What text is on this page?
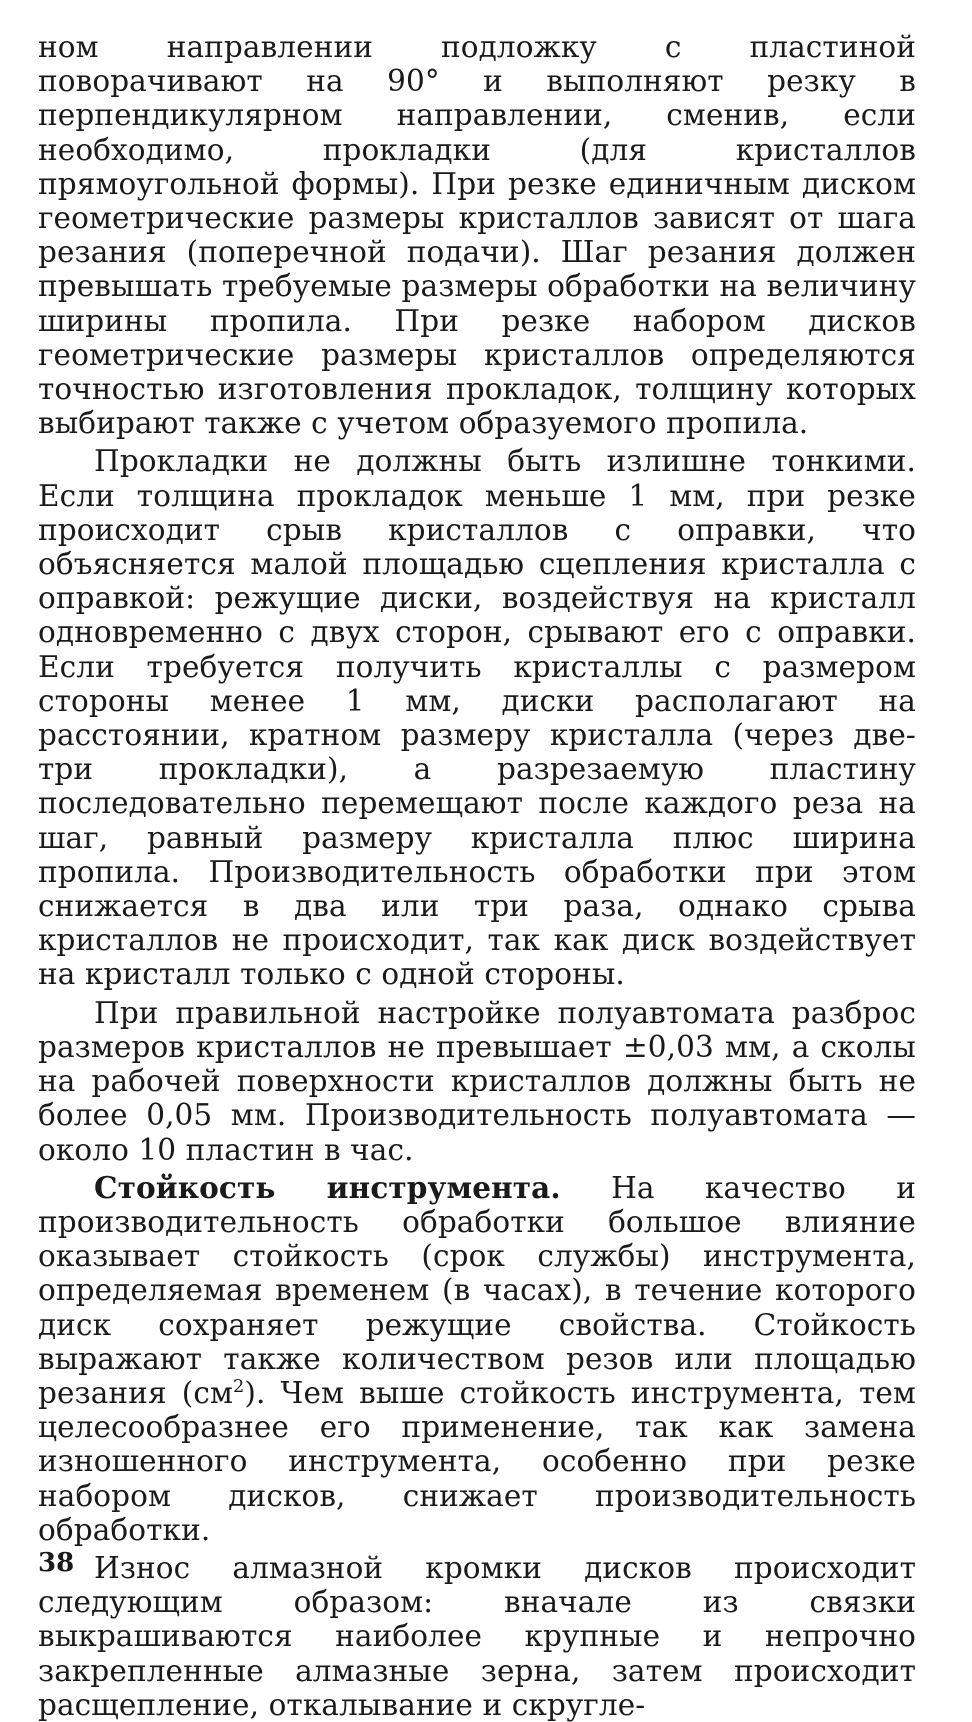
ном направлении подложку с пластиной поворачивают на 90° и выполняют резку в перпендикулярном направлении, сменив, если необходимо, прокладки (для кристаллов прямоугольной формы). При резке единичным диском геометрические размеры кристаллов зависят от шага резания (поперечной подачи). Шаг резания должен превышать требуемые размеры обработки на величину ширины пропила. При резке набором дисков геометрические размеры кристаллов определяются точностью изготовления прокладок, толщину которых выбирают также с учетом образуемого пропила.

Прокладки не должны быть излишне тонкими. Если толщина прокладок меньше 1 мм, при резке происходит срыв кристаллов с оправки, что объясняется малой площадью сцепления кристалла с оправкой: режущие диски, воздействуя на кристалл одновременно с двух сторон, срывают его с оправки. Если требуется получить кристаллы с размером стороны менее 1 мм, диски располагают на расстоянии, кратном размеру кристалла (через две-три прокладки), а разрезаемую пластину последовательно перемещают после каждого реза на шаг, равный размеру кристалла плюс ширина пропила. Производительность обработки при этом снижается в два или три раза, однако срыва кристаллов не происходит, так как диск воздействует на кристалл только с одной стороны.

При правильной настройке полуавтомата разброс размеров кристаллов не превышает ±0,03 мм, а сколы на рабочей поверхности кристаллов должны быть не более 0,05 мм. Производительность полуавтомата — около 10 пластин в час.

Стойкость инструмента. На качество и производительность обработки большое влияние оказывает стойкость (срок службы) инструмента, определяемая временем (в часах), в течение которого диск сохраняет режущие свойства. Стойкость выражают также количеством резов или площадью резания $(см^2)$. Чем выше стойкость инструмента, тем целесообразнее его применение, так как замена изношенного инструмента, особенно при резке набором дисков, снижает производительность обработки.

Износ алмазной кромки дисков происходит следующим образом: вначале из связки выкрашиваются наиболее крупные и непрочно закрепленные алмазные зерна, затем происходит расщепление, откалывание и скругле-

38
